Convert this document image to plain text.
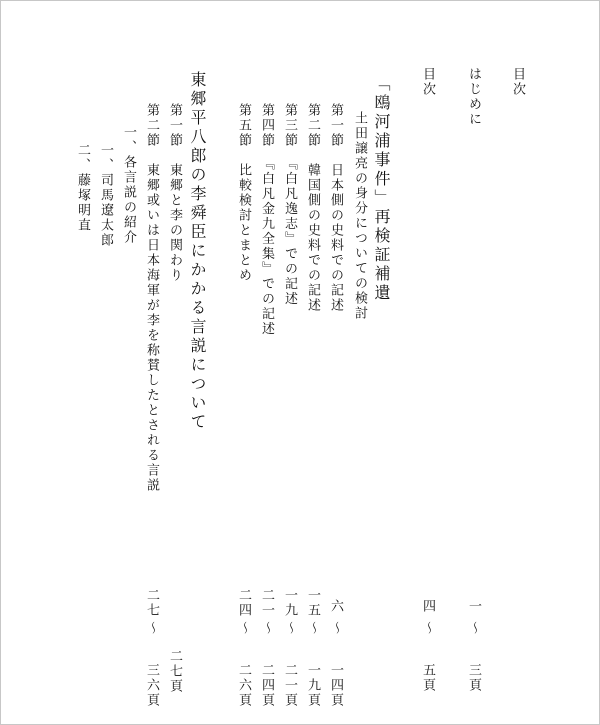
目次
はじめに
一
～
三頁
目次
四
～
五頁
「鴎河浦事件」再検証補遺
土田譲亮の身分についての検討
第一節　日本側の史料での記述
六
～
一四頁
第二節　韓国側の史料での記述
一五
～
一九頁
第三節　『白凡逸志』での記述
一九
～
二一頁
第四節　『白凡金九全集』での記述
二一
～
二四頁
第五節　比較検討とまとめ
二四
～
二六頁
東郷平八郎の李舜臣にかかる言説について
第一節　東郷と李の関わり
二七頁
第二節　東郷或いは日本海軍が李を称賛したとされる言説
二七
～
三六頁
一、各言説の紹介
一、司馬遼太郎
二、藤塚明直
